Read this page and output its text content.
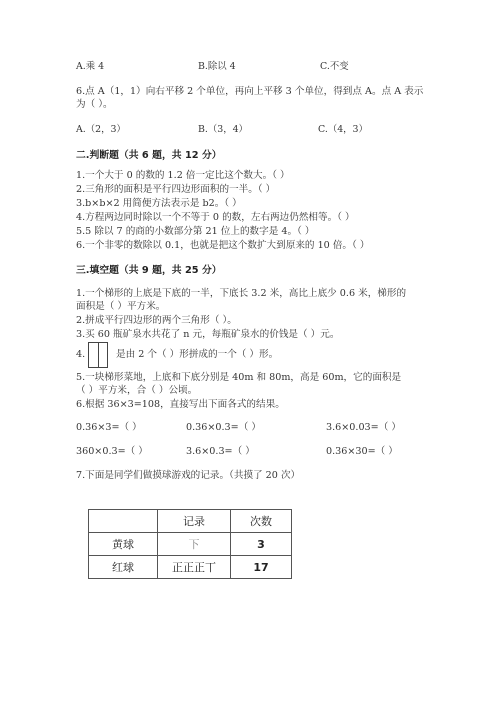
A.乘 4	B.除以 4	C.不变
6.点 A（1，1）向右平移 2 个单位，再向上平移 3 个单位，得到点 A。点 A 表示
为（ ）。
A.（2，3）	B.（3，4）	C.（4，3）
二.判断题（共 6 题，共 12 分）
1.一个大于 0 的数的 1.2 倍一定比这个数大。（ ）
2.三角形的面积是平行四边形面积的一半。（ ）
3.b×b×2 用简便方法表示是 b2。（ ）
4.方程两边同时除以一个不等于 0 的数，左右两边仍然相等。（ ）
5.5 除以 7 的商的小数部分第 21 位上的数字是 4。（ ）
6.一个非零的数除以 0.1，也就是把这个数扩大到原来的 10 倍。（ ）
三.填空题（共 9 题，共 25 分）
1.一个梯形的上底是下底的一半，下底长 3.2 米，高比上底少 0.6 米，梯形的
面积是（ ）平方米。
2.拼成平行四边形的两个三角形（ ）。
3.买 60 瓶矿泉水共花了 n 元，每瓶矿泉水的价钱是（ ）元。
4.	是由 2 个（ ）形拼成的一个（ ）形。
5.一块梯形菜地，上底和下底分别是 40m 和 80m，高是 60m，它的面积是
（ ）平方米，合（ ）公顷。
6.根据 36×3=108，直接写出下面各式的结果。
0.36×3=（ ）	0.36×0.3=（ ）	3.6×0.03=（ ）
360×0.3=（ ）	3.6×0.3=（ ）	0.36×30=（ ）
7.下面是同学们做摸球游戏的记录。（共摸了 20 次）
	记录	次数
黄球	下	3
红球	正正正丅	17
